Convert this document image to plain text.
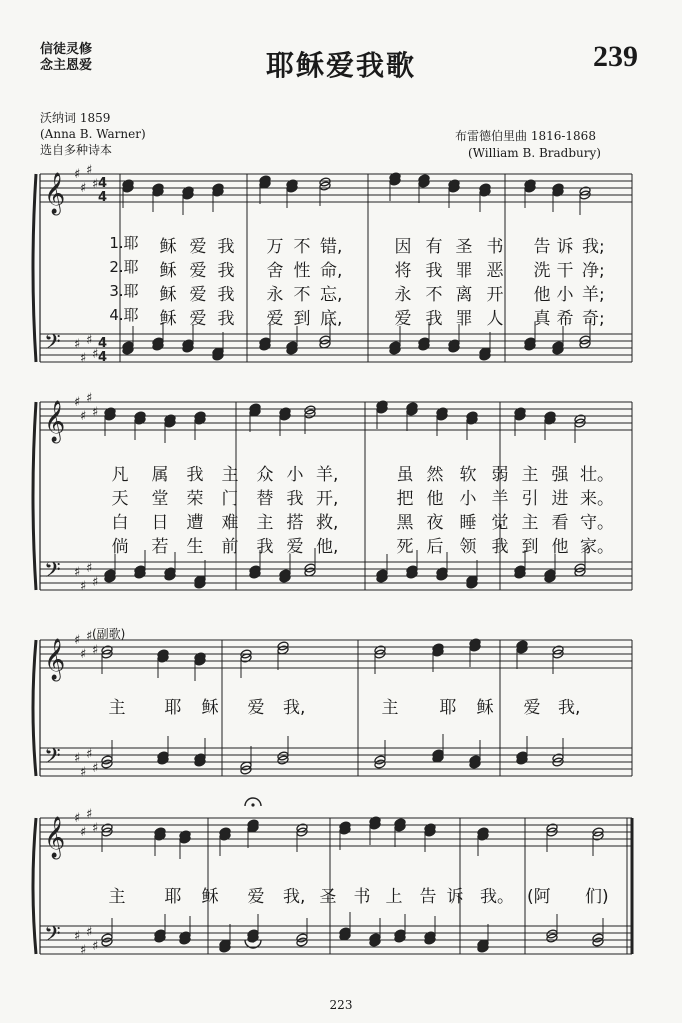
信徒灵修
念主恩爱	耶稣爱我歌	239
沃纳词 1859
(Anna B. Warner)
选自多种诗本
布雷德伯里曲 1816-1868
(William B. Bradbury)
𝄞
𝄢
♯
♯
♯
♯
♯
♯
♯
♯
4
4
4
4
𝄞
𝄢
♯
♯
♯
♯
♯
♯
♯
♯
𝄞
𝄢
♯
♯
♯
♯
♯
♯
♯
♯
𝄞
𝄢
♯
♯
♯
♯
♯
♯
♯
♯
1.耶	稣 爱 我 万 不 错,	因 有 圣 书 告 诉 我;
2.耶	稣 爱 我 舍 性 命,	将 我 罪 恶 洗 干 净;
3.耶	稣 爱 我 永 不 忘,	永 不 离 开 他 小 羊;
4.耶	稣 爱 我 爱 到 底,	爱 我 罪 人 真 希 奇;
凡 属 我 主 众 小 羊,	虽 然 软 弱 主 强 壮。
天 堂 荣 门 替 我 开,	把 他 小 羊 引 进 来。
白 日 遭 难 主 搭 救,	黑 夜 睡 觉 主 看 守。
倘 若 生 前 我 爱 他,	死 后 领 我 到 他 家。
主 耶 稣 爱 我,	主 耶 稣 爱 我,
主 耶 稣 爱 我, 圣 书 上 告 诉 我。 (阿 们)
(副歌)
223
